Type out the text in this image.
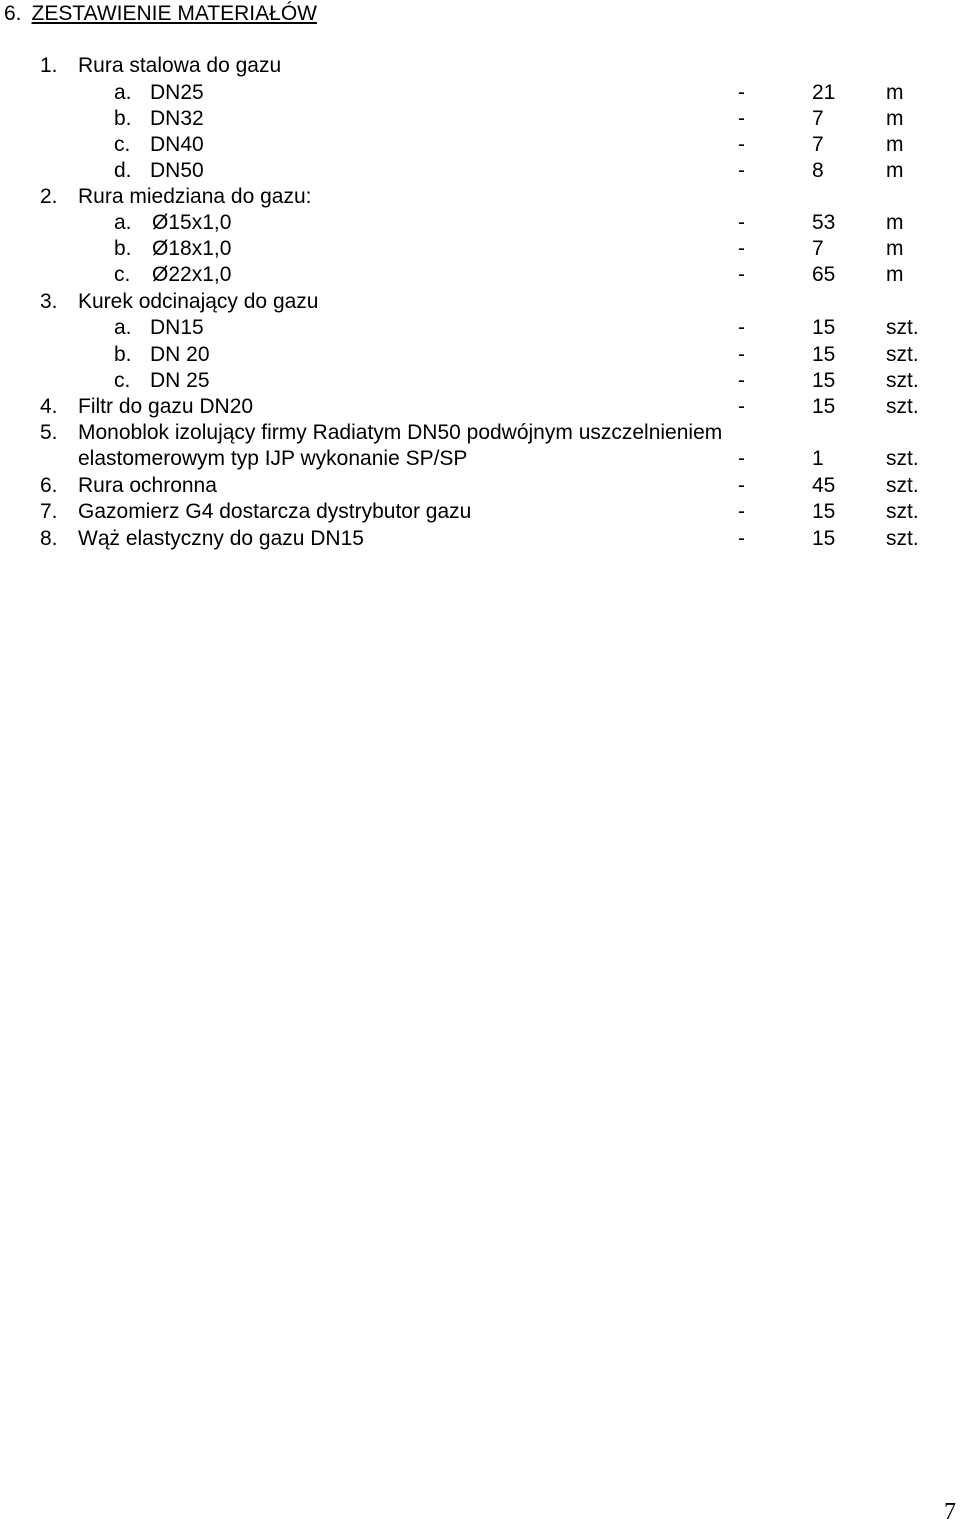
6. ZESTAWIENIE MATERIAŁÓW
1. Rura stalowa do gazu
a. DN25	-	21 m
b. DN32	-	7	m
c. DN40	-	7	m
d. DN50	-	8	m
2. Rura miedziana do gazu:
a. Ø15x1,0	-	53 m
b. Ø18x1,0	-	7	m
c. Ø22x1,0	-	65 m
3. Kurek odcinający do gazu
a. DN15	-	15 szt.
b. DN 20	-	15 szt.
c. DN 25	-	15 szt.
4. Filtr do gazu DN20	-	15 szt.
5. Monoblok izolujący firmy Radiatym DN50 podwójnym uszczelnieniem
elastomerowym typ IJP wykonanie SP/SP	-	1	szt.
6. Rura ochronna	-	45 szt.
7. Gazomierz G4 dostarcza dystrybutor gazu	-	15 szt.
8. Wąż elastyczny do gazu DN15	-	15 szt.
7
